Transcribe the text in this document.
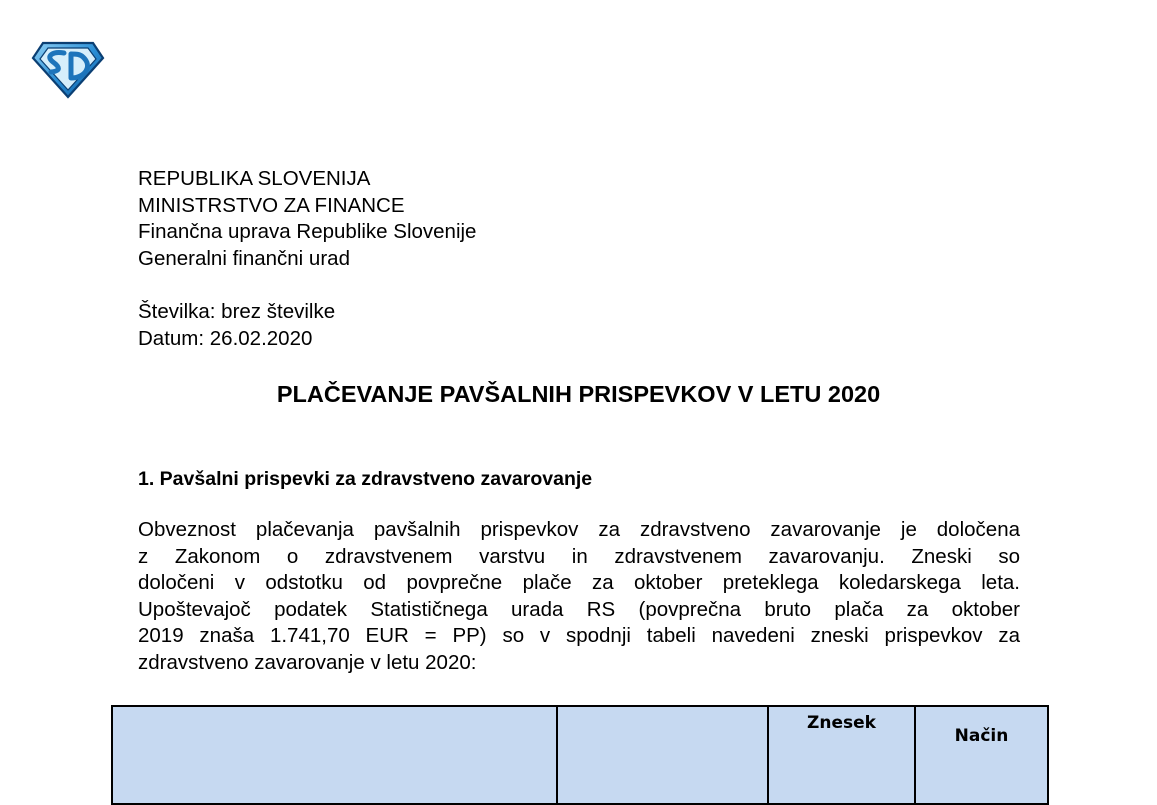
REPUBLIKA SLOVENIJA
MINISTRSTVO ZA FINANCE
Finančna uprava Republike Slovenije
Generalni finančni urad
Številka: brez številke
Datum: 26.02.2020
PLAČEVANJE PAVŠALNIH PRISPEVKOV V LETU 2020
1. Pavšalni prispevki za zdravstveno zavarovanje
Obveznost plačevanja pavšalnih prispevkov za zdravstveno zavarovanje je določena
z Zakonom o zdravstvenem varstvu in zdravstvenem zavarovanju. Zneski so
določeni v odstotku od povprečne plače za oktober preteklega koledarskega leta.
Upoštevajoč podatek Statističnega urada RS (povprečna bruto plača za oktober
2019 znaša 1.741,70 EUR = PP) so v spodnji tabeli navedeni zneski prispevkov za
zdravstveno zavarovanje v letu 2020:
		Znesek	Način
